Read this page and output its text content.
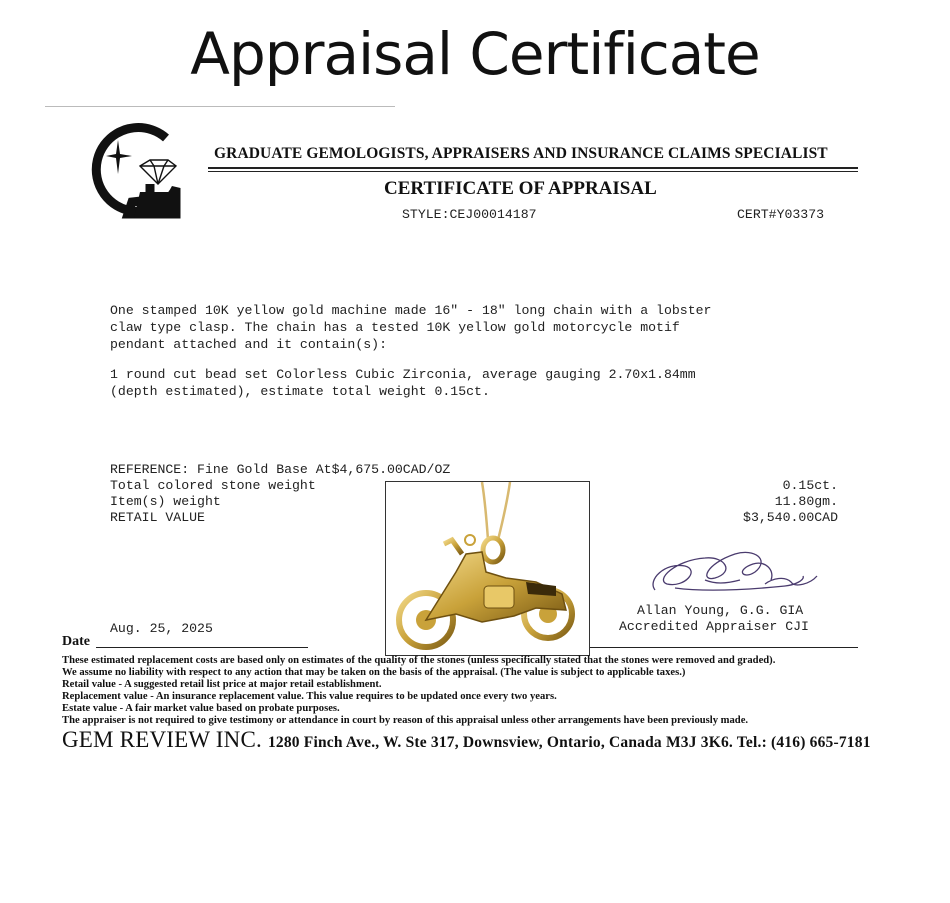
Appraisal Certificate
GRADUATE GEMOLOGISTS, APPRAISERS AND INSURANCE CLAIMS SPECIALIST
CERTIFICATE OF APPRAISAL
STYLE:CEJ00014187	CERT#Y03373
One stamped 10K yellow gold machine made 16" - 18" long chain with a lobster
claw type clasp. The chain has a tested 10K yellow gold motorcycle motif
pendant attached and it contain(s):
1 round cut bead set Colorless Cubic Zirconia, average gauging 2.70x1.84mm
(depth estimated), estimate total weight 0.15ct.
REFERENCE: Fine Gold Base At$4,675.00CAD/OZ
Total colored stone weight
Item(s) weight
RETAIL VALUE
0.15ct.
11.80gm.
$3,540.00CAD
Allan Young, G.G. GIA
Accredited Appraiser CJI
Aug. 25, 2025
Date
These estimated replacement costs are based only on estimates of the quality of the stones (unless specifically stated that the stones were removed and graded).
We assume no liability with respect to any action that may be taken on the basis of the appraisal. (The value is subject to applicable taxes.)
Retail value - A suggested retail list price at major retail establishment.
Replacement value - An insurance replacement value. This value requires to be updated once every two years.
Estate value - A fair market value based on probate purposes.
The appraiser is not required to give testimony or attendance in court by reason of this appraisal unless other arrangements have been previously made.
GEM REVIEW INC. 1280 Finch Ave., W. Ste 317, Downsview, Ontario, Canada M3J 3K6. Tel.: (416) 665-7181
